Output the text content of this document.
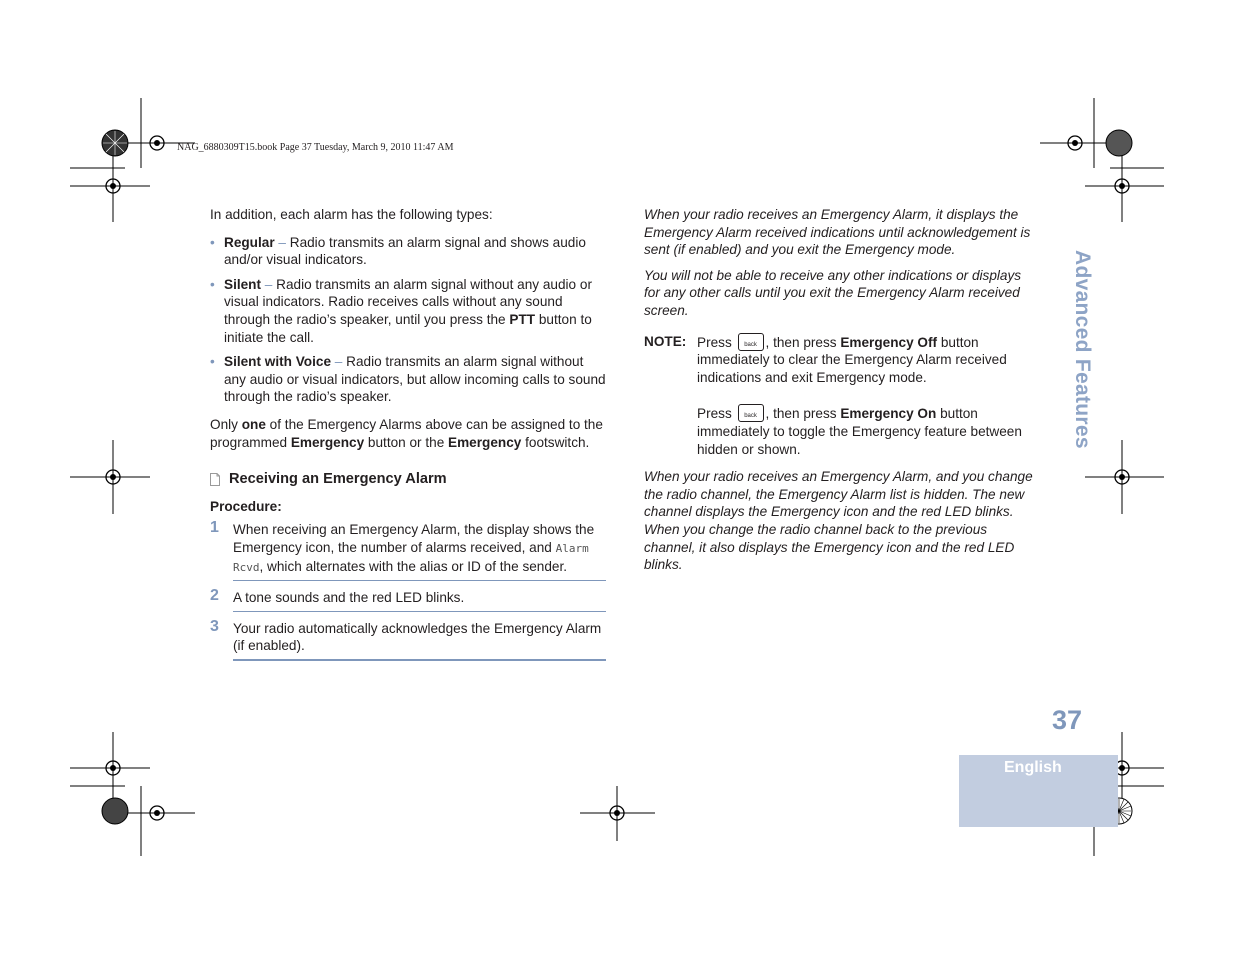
NAG_6880309T15.book Page 37 Tuesday, March 9, 2010 11:47 AM

In addition, each alarm has the following types:

• Regular – Radio transmits an alarm signal and shows audio and/or visual indicators.
• Silent – Radio transmits an alarm signal without any audio or visual indicators. Radio receives calls without any sound through the radio’s speaker, until you press the PTT button to initiate the call.
• Silent with Voice – Radio transmits an alarm signal without any audio or visual indicators, but allow incoming calls to sound through the radio’s speaker.

Only one of the Emergency Alarms above can be assigned to the programmed Emergency button or the Emergency footswitch.

Receiving an Emergency Alarm
Procedure:
1 When receiving an Emergency Alarm, the display shows the Emergency icon, the number of alarms received, and Alarm Rcvd, which alternates with the alias or ID of the sender.
2 A tone sounds and the red LED blinks.
3 Your radio automatically acknowledges the Emergency Alarm (if enabled).

When your radio receives an Emergency Alarm, it displays the Emergency Alarm received indications until acknowledgement is sent (if enabled) and you exit the Emergency mode.

You will not be able to receive any other indications or displays for any other calls until you exit the Emergency Alarm received screen.

NOTE: Press	back , then press Emergency Off button immediately to clear the Emergency Alarm received indications and exit Emergency mode.

Press	back , then press Emergency On button immediately to toggle the Emergency feature between hidden or shown.

When your radio receives an Emergency Alarm, and you change the radio channel, the Emergency Alarm list is hidden. The new channel displays the Emergency icon and the red LED blinks. When you change the radio channel back to the previous channel, it also displays the Emergency icon and the red LED blinks.

Advanced Features
37
English
